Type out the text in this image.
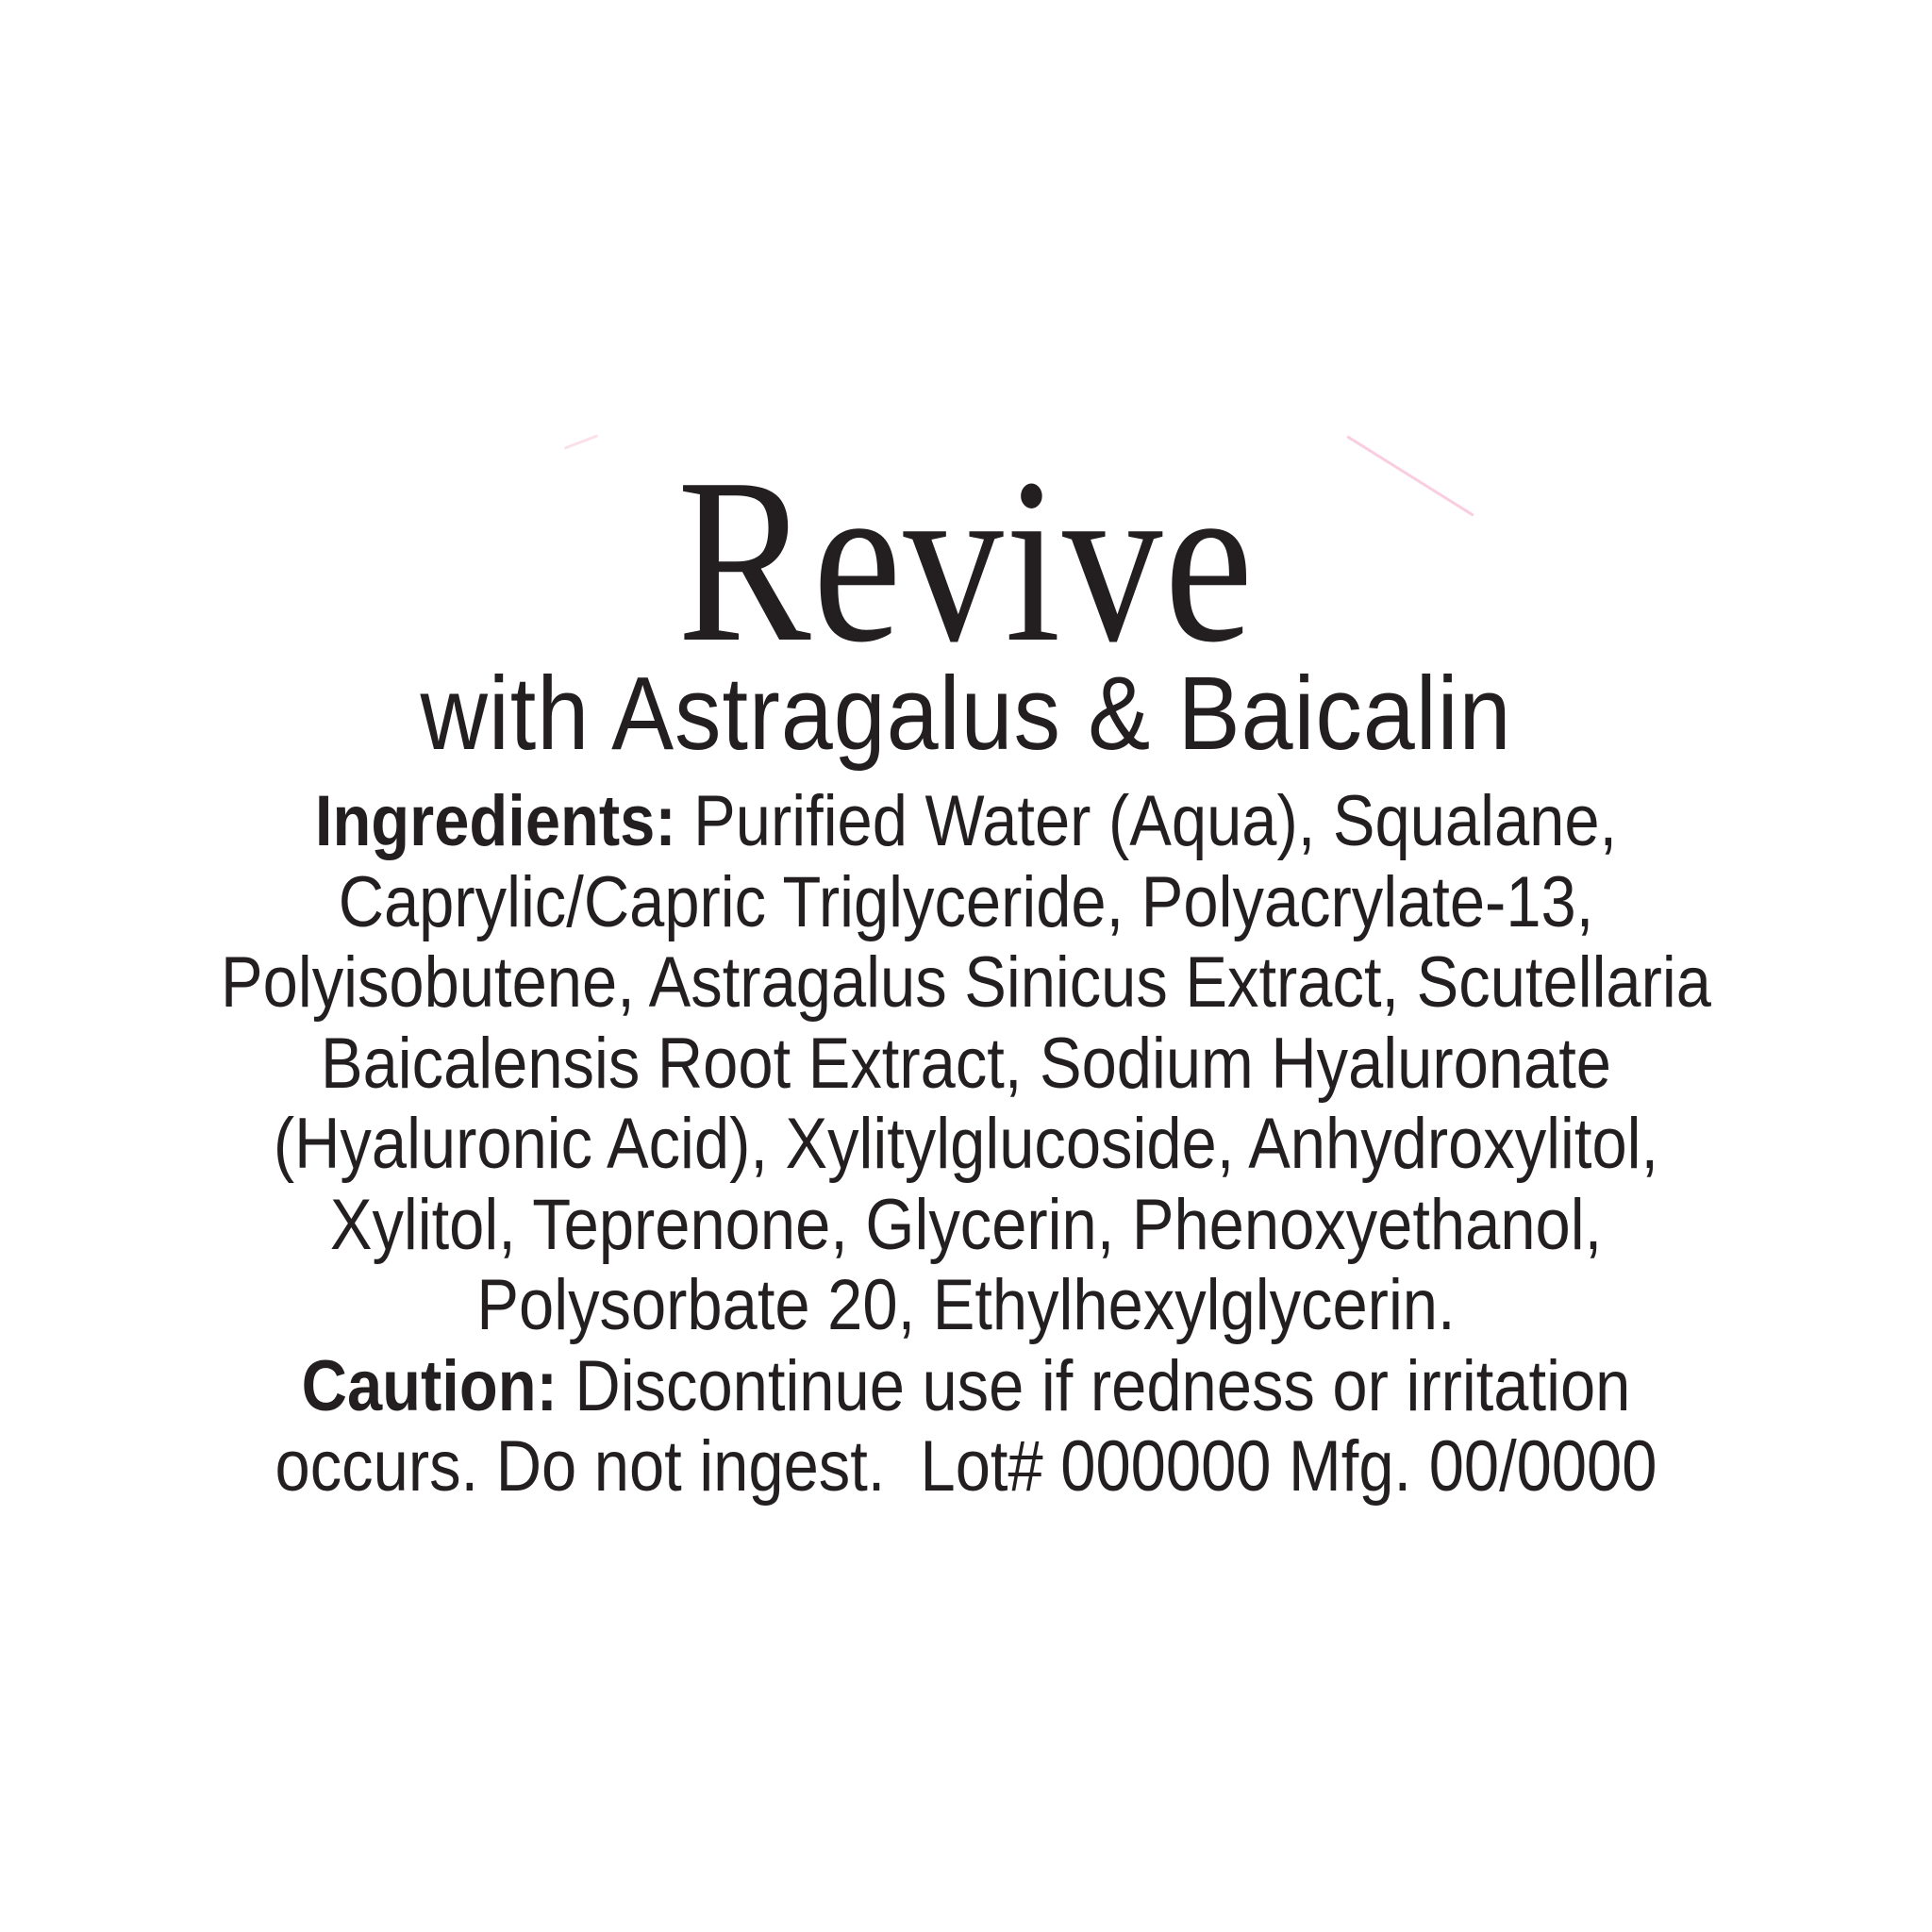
Revive
with Astragalus & Baicalin
Ingredients: Purified Water (Aqua), Squalane,
Caprylic/Capric Triglyceride, Polyacrylate-13,
Polyisobutene, Astragalus Sinicus Extract, Scutellaria
Baicalensis Root Extract, Sodium Hyaluronate
(Hyaluronic Acid), Xylitylglucoside, Anhydroxylitol,
Xylitol, Teprenone, Glycerin, Phenoxyethanol,
Polysorbate 20, Ethylhexylglycerin.
Caution: Discontinue use if redness or irritation
occurs. Do not ingest.  Lot# 000000 Mfg. 00/0000
